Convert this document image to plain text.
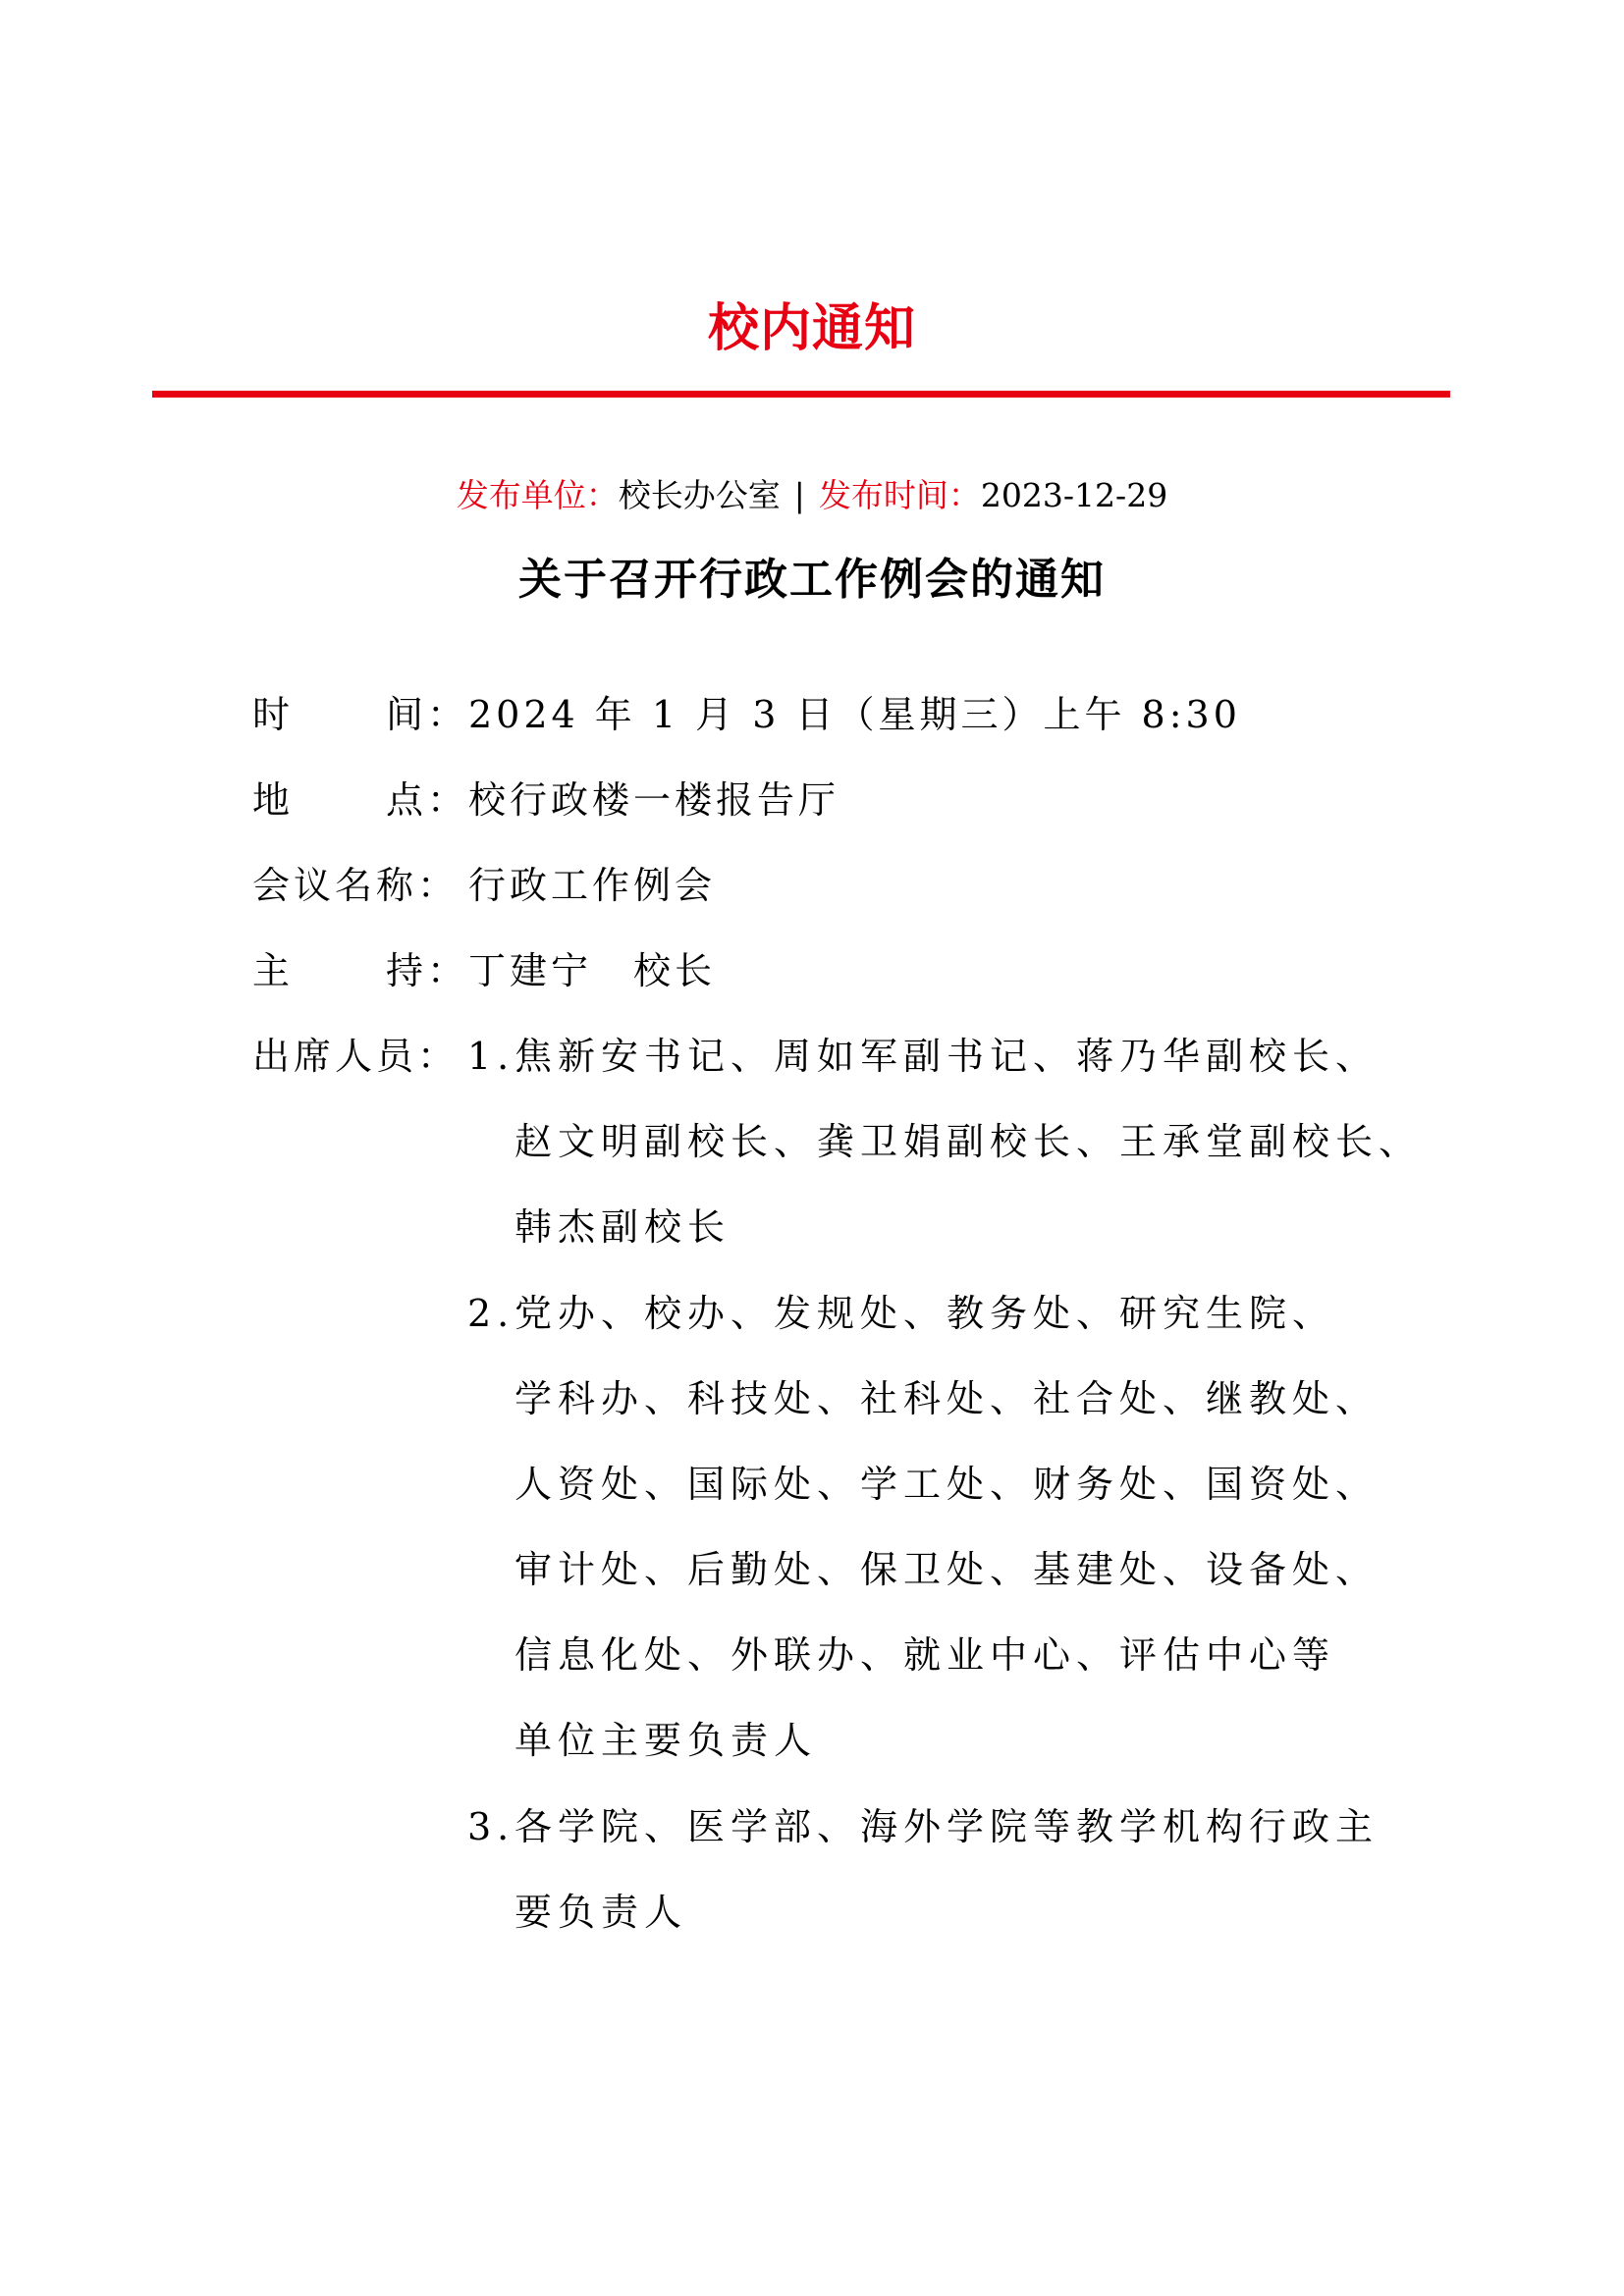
校内通知
发布单位：校长办公室 | 发布时间：2023-12-29
关于召开行政工作例会的通知
时 间 ：2024 年 1 月 3 日（星期三）上午 8:30
地 点 ：校行政楼一楼报告厅
会议名称： 行政工作例会
主 持 ：丁建宁　校长
出席人员： 1. 焦新安书记、周如军副书记、蒋乃华副校长、
赵文明副校长、龚卫娟副校长、王承堂副校长、
韩杰副校长
2. 党办、校办、发规处、教务处、研究生院、
学科办、科技处、社科处、社合处、继教处、
人资处、国际处、学工处、财务处、国资处、
审计处、后勤处、保卫处、基建处、设备处、
信息化处、外联办、就业中心、评估中心等
单位主要负责人
3. 各学院、医学部、海外学院等教学机构行政主
要负责人
